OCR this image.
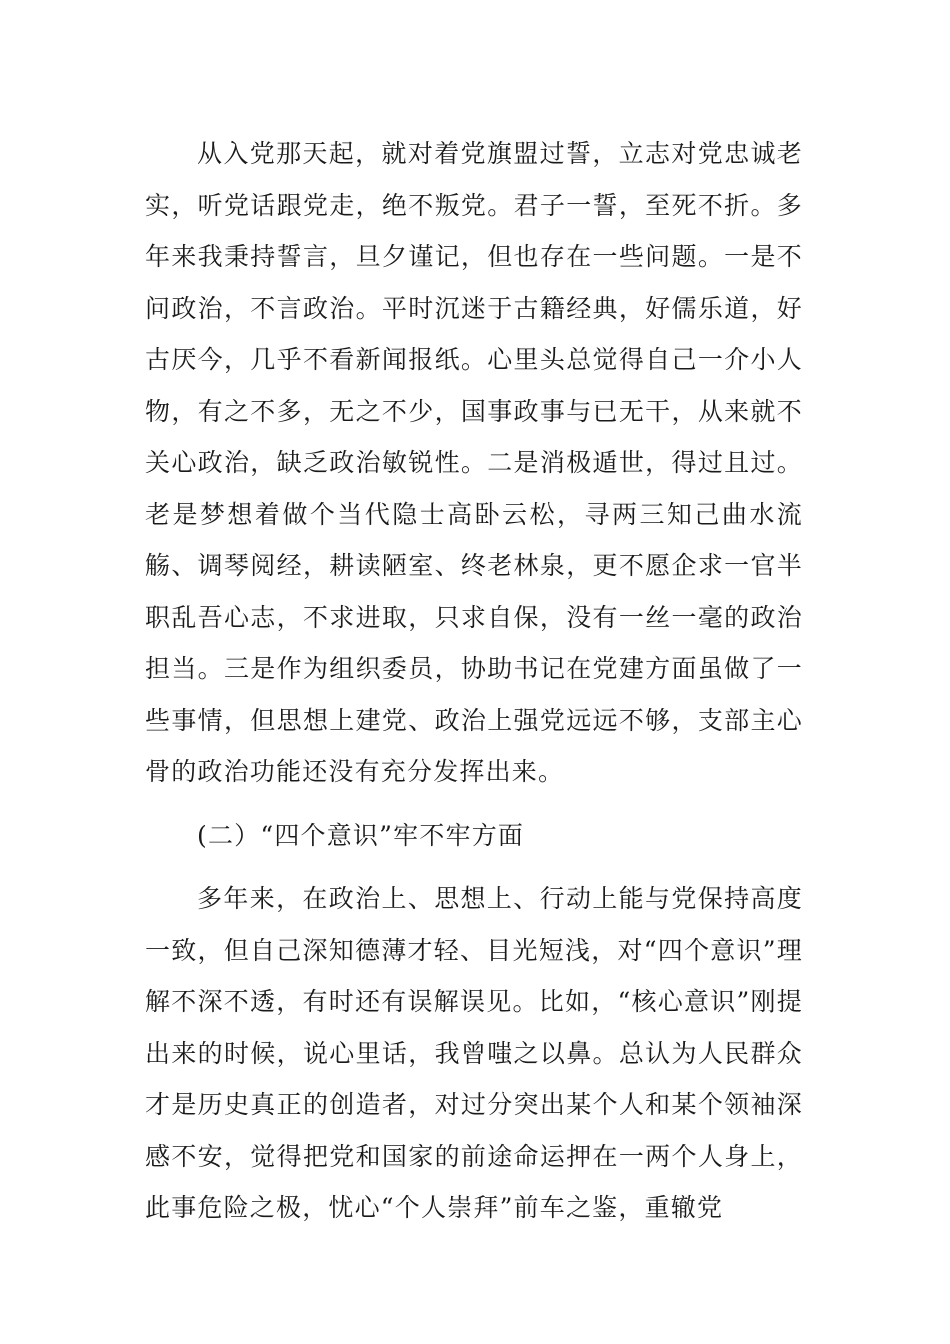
从入党那天起，就对着党旗盟过誓，立志对党忠诚老实，听党话跟党走，绝不叛党。君子一誓，至死不折。多年来我秉持誓言，旦夕谨记，但也存在一些问题。一是不问政治，不言政治。平时沉迷于古籍经典，好儒乐道，好古厌今，几乎不看新闻报纸。心里头总觉得自己一介小人物，有之不多，无之不少，国事政事与已无干，从来就不关心政治，缺乏政治敏锐性。二是消极遁世，得过且过。老是梦想着做个当代隐士高卧云松，寻两三知己曲水流觞、调琴阅经，耕读陋室、终老林泉，更不愿企求一官半职乱吾心志，不求进取，只求自保，没有一丝一毫的政治担当。三是作为组织委员，协助书记在党建方面虽做了一些事情，但思想上建党、政治上强党远远不够，支部主心骨的政治功能还没有充分发挥出来。

(二）“四个意识”牢不牢方面

多年来，在政治上、思想上、行动上能与党保持高度一致，但自己深知德薄才轻、目光短浅，对“四个意识”理解不深不透，有时还有误解误见。比如，“核心意识”刚提出来的时候，说心里话，我曾嗤之以鼻。总认为人民群众才是历史真正的创造者，对过分突出某个人和某个领袖深感不安，觉得把党和国家的前途命运押在一两个人身上，此事危险之极，忧心“个人崇拜”前车之鉴，重辙党
